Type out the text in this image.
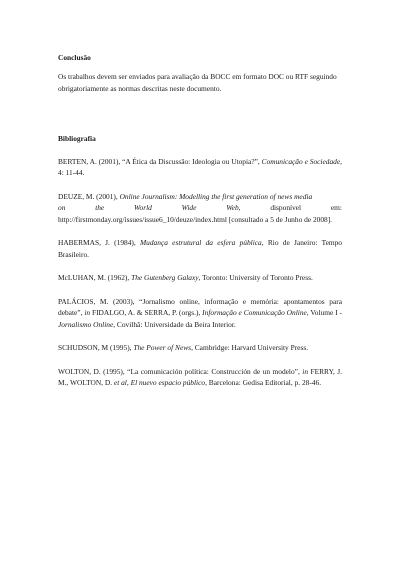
Conclusão

Os trabalhos devem ser enviados para avaliação da BOCC em formato DOC ou RTF seguindo obrigatoriamente as normas descritas neste documento.

Bibliografia

BERTEN, A. (2001), “A Ética da Discussão: Ideologia ou Utopia?”, Comunicação e Sociedade, 4: 11-44.

DEUZE, M. (2001), Online Journalism: Modelling the first generation of news media
on	the	World	Wide	Web,	disponível	em:
http://firstmonday.org/issues/issue6_10/deuze/index.html [consultado a 5 de Junho de 2008].

HABERMAS, J. (1984), Mudança estrutural da esfera pública, Rio de Janeiro: Tempo Brasileiro.

McLUHAN, M. (1962), The Gutenberg Galaxy, Toronto: University of Toronto Press.

PALÁCIOS, M. (2003), “Jornalismo online, informação e memória: apontamentos para debate”, in FIDALGO, A. & SERRA, P. (orgs.), Informação e Comunicação Online, Volume I - Jornalismo Online, Covilhã: Universidade da Beira Interior.

SCHUDSON, M (1995), The Power of News, Cambridge: Harvard University Press.

WOLTON, D. (1995), “La comunicación política: Construcción de un modelo”, in FERRY, J. M., WOLTON, D. et al, El nuevo espacio público, Barcelona: Gedisa Editorial, p. 28-46.
